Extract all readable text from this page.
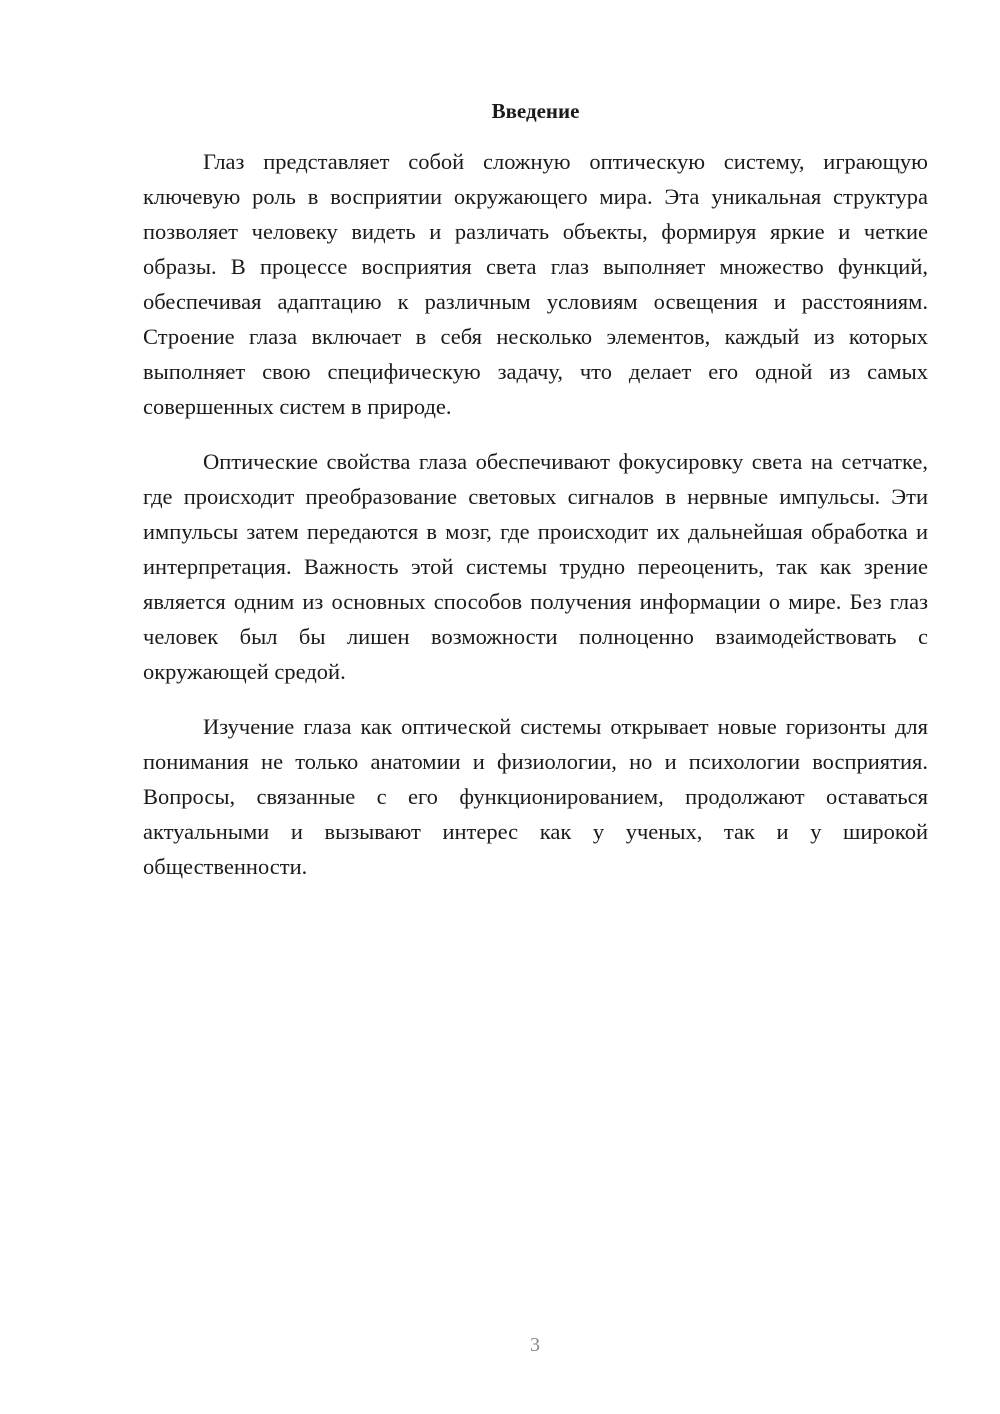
Введение

Глаз представляет собой сложную оптическую систему, играющую ключевую роль в восприятии окружающего мира. Эта уникальная структура позволяет человеку видеть и различать объекты, формируя яркие и четкие образы. В процессе восприятия света глаз выполняет множество функций, обеспечивая адаптацию к различным условиям освещения и расстояниям. Строение глаза включает в себя несколько элементов, каждый из которых выполняет свою специфическую задачу, что делает его одной из самых совершенных систем в природе.

Оптические свойства глаза обеспечивают фокусировку света на сетчатке, где происходит преобразование световых сигналов в нервные импульсы. Эти импульсы затем передаются в мозг, где происходит их дальнейшая обработка и интерпретация. Важность этой системы трудно переоценить, так как зрение является одним из основных способов получения информации о мире. Без глаз человек был бы лишен возможности полноценно взаимодействовать с окружающей средой.

Изучение глаза как оптической системы открывает новые горизонты для понимания не только анатомии и физиологии, но и психологии восприятия. Вопросы, связанные с его функционированием, продолжают оставаться актуальными и вызывают интерес как у ученых, так и у широкой общественности.

3
